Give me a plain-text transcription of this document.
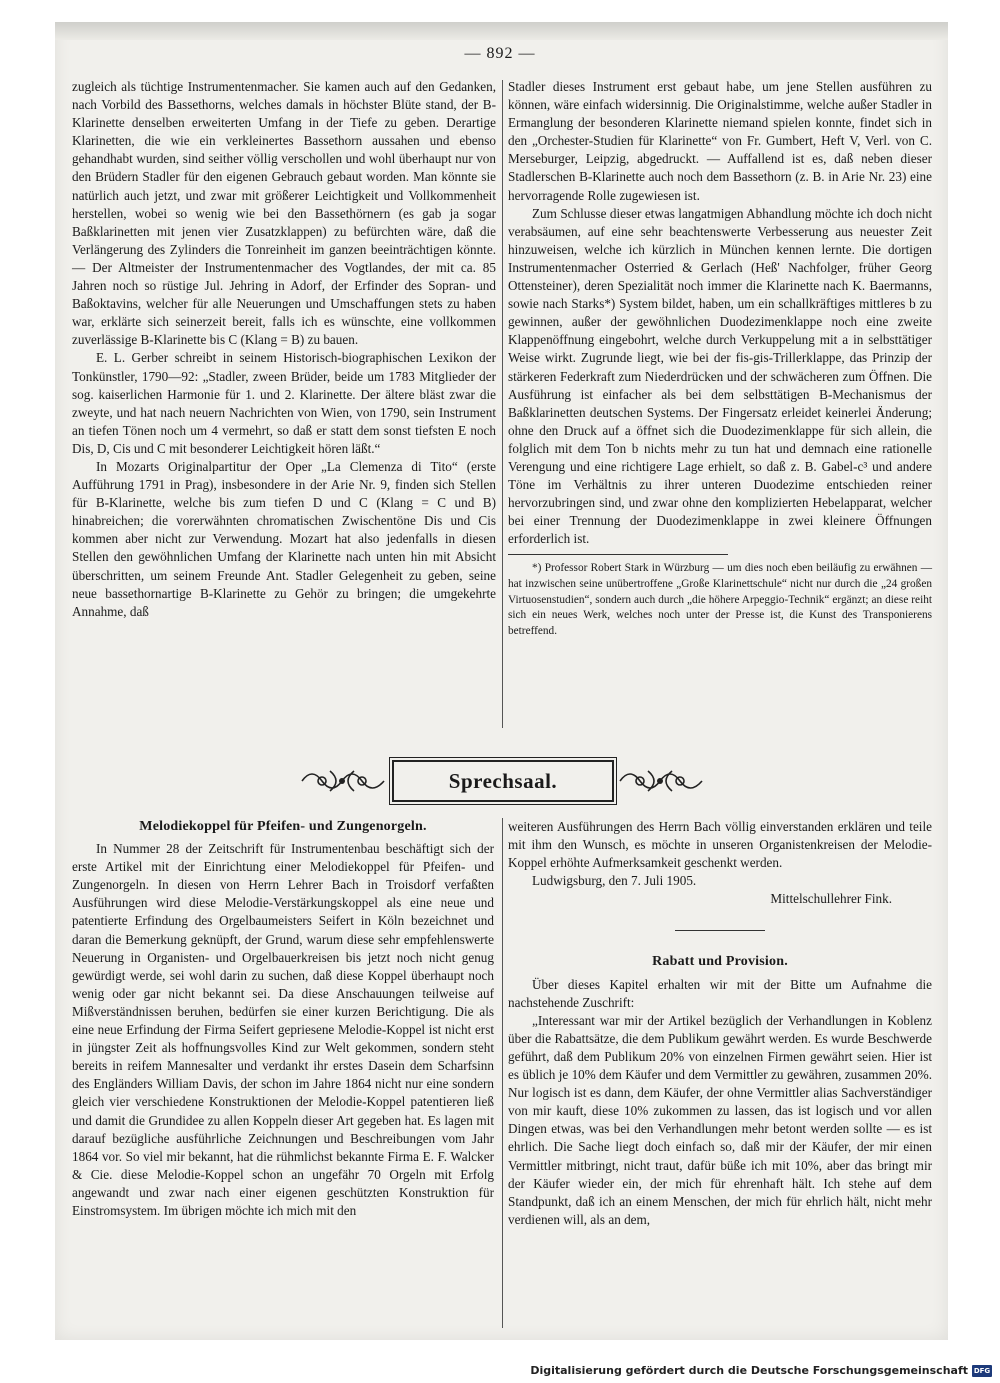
— 892 —

zugleich als tüchtige Instrumentenmacher. Sie kamen auch auf den Gedanken, nach Vorbild des Bassethorns, welches damals in höchster Blüte stand, der B-Klarinette denselben erweiterten Umfang in der Tiefe zu geben. Derartige Klarinetten, die wie ein verkleinertes Bassethorn aussahen und ebenso gehandhabt wurden, sind seither völlig verschollen und wohl überhaupt nur von den Brüdern Stadler für den eigenen Gebrauch gebaut worden. Man könnte sie natürlich auch jetzt, und zwar mit größerer Leichtigkeit und Vollkommenheit herstellen, wobei so wenig wie bei den Bassethörnern (es gab ja sogar Baßklarinetten mit jenen vier Zusatzklappen) zu befürchten wäre, daß die Verlängerung des Zylinders die Tonreinheit im ganzen beeinträchtigen könnte. — Der Altmeister der Instrumentenmacher des Vogtlandes, der mit ca. 85 Jahren noch so rüstige Jul. Jehring in Adorf, der Erfinder des Sopran- und Baßoktavins, welcher für alle Neuerungen und Umschaffungen stets zu haben war, erklärte sich seinerzeit bereit, falls ich es wünschte, eine vollkommen zuverlässige B-Klarinette bis C (Klang = B) zu bauen.

E. L. Gerber schreibt in seinem Historisch-biographischen Lexikon der Tonkünstler, 1790—92: „Stadler, zween Brüder, beide um 1783 Mitglieder der sog. kaiserlichen Harmonie für 1. und 2. Klarinette. Der ältere bläst zwar die zweyte, und hat nach neuern Nachrichten von Wien, von 1790, sein Instrument an tiefen Tönen noch um 4 vermehrt, so daß er statt dem sonst tiefsten E noch Dis, D, Cis und C mit besonderer Leichtigkeit hören läßt.“

In Mozarts Originalpartitur der Oper „La Clemenza di Tito“ (erste Aufführung 1791 in Prag), insbesondere in der Arie Nr. 9, finden sich Stellen für B-Klarinette, welche bis zum tiefen D und C (Klang = C und B) hinabreichen; die vorerwähnten chromatischen Zwischentöne Dis und Cis kommen aber nicht zur Verwendung. Mozart hat also jedenfalls in diesen Stellen den gewöhnlichen Umfang der Klarinette nach unten hin mit Absicht überschritten, um seinem Freunde Ant. Stadler Gelegenheit zu geben, seine neue bassethornartige B-Klarinette zu Gehör zu bringen; die umgekehrte Annahme, daß

Stadler dieses Instrument erst gebaut habe, um jene Stellen ausführen zu können, wäre einfach widersinnig. Die Originalstimme, welche außer Stadler in Ermanglung der besonderen Klarinette niemand spielen konnte, findet sich in den „Orchester-Studien für Klarinette“ von Fr. Gumbert, Heft V, Verl. von C. Merseburger, Leipzig, abgedruckt. — Auffallend ist es, daß neben dieser Stadlerschen B-Klarinette auch noch dem Bassethorn (z. B. in Arie Nr. 23) eine hervorragende Rolle zugewiesen ist.

Zum Schlusse dieser etwas langatmigen Abhandlung möchte ich doch nicht verabsäumen, auf eine sehr beachtenswerte Verbesserung aus neuester Zeit hinzuweisen, welche ich kürzlich in München kennen lernte. Die dortigen Instrumentenmacher Osterried & Gerlach (Heß' Nachfolger, früher Georg Ottensteiner), deren Spezialität noch immer die Klarinette nach K. Baermanns, sowie nach Starks*) System bildet, haben, um ein schallkräftiges mittleres b zu gewinnen, außer der gewöhnlichen Duodezimenklappe noch eine zweite Klappenöffnung eingebohrt, welche durch Verkuppelung mit a in selbsttätiger Weise wirkt. Zugrunde liegt, wie bei der fis-gis-Trillerklappe, das Prinzip der stärkeren Federkraft zum Niederdrücken und der schwächeren zum Öffnen. Die Ausführung ist einfacher als bei dem selbsttätigen B-Mechanismus der Baßklarinetten deutschen Systems. Der Fingersatz erleidet keinerlei Änderung; ohne den Druck auf a öffnet sich die Duodezimenklappe für sich allein, die folglich mit dem Ton b nichts mehr zu tun hat und demnach eine rationelle Verengung und eine richtigere Lage erhielt, so daß z. B. Gabel-c³ und andere Töne im Verhältnis zu ihrer unteren Duodezime entschieden reiner hervorzubringen sind, und zwar ohne den komplizierten Hebelapparat, welcher bei einer Trennung der Duodezimenklappe in zwei kleinere Öffnungen erforderlich ist.

*) Professor Robert Stark in Würzburg — um dies noch eben beiläufig zu erwähnen — hat inzwischen seine unübertroffene „Große Klarinettschule“ nicht nur durch die „24 großen Virtuosenstudien“, sondern auch durch „die höhere Arpeggio-Technik“ ergänzt; an diese reiht sich ein neues Werk, welches noch unter der Presse ist, die Kunst des Transponierens betreffend.

Sprechsaal.
Melodiekoppel für Pfeifen- und Zungenorgeln.

In Nummer 28 der Zeitschrift für Instrumentenbau beschäftigt sich der erste Artikel mit der Einrichtung einer Melodiekoppel für Pfeifen- und Zungenorgeln. In diesen von Herrn Lehrer Bach in Troisdorf verfaßten Ausführungen wird diese Melodie-Verstärkungskoppel als eine neue und patentierte Erfindung des Orgelbaumeisters Seifert in Köln bezeichnet und daran die Bemerkung geknüpft, der Grund, warum diese sehr empfehlenswerte Neuerung in Organisten- und Orgelbauerkreisen bis jetzt noch nicht genug gewürdigt werde, sei wohl darin zu suchen, daß diese Koppel überhaupt noch wenig oder gar nicht bekannt sei. Da diese Anschauungen teilweise auf Mißverständnissen beruhen, bedürfen sie einer kurzen Berichtigung. Die als eine neue Erfindung der Firma Seifert gepriesene Melodie-Koppel ist nicht erst in jüngster Zeit als hoffnungsvolles Kind zur Welt gekommen, sondern steht bereits in reifem Mannesalter und verdankt ihr erstes Dasein dem Scharfsinn des Engländers William Davis, der schon im Jahre 1864 nicht nur eine sondern gleich vier verschiedene Konstruktionen der Melodie-Koppel patentieren ließ und damit die Grundidee zu allen Koppeln dieser Art gegeben hat. Es lagen mit darauf bezügliche ausführliche Zeichnungen und Beschreibungen vom Jahr 1864 vor. So viel mir bekannt, hat die rühmlichst bekannte Firma E. F. Walcker & Cie. diese Melodie-Koppel schon an ungefähr 70 Orgeln mit Erfolg angewandt und zwar nach einer eigenen geschützten Konstruktion für Einstromsystem. Im übrigen möchte ich mich mit den

weiteren Ausführungen des Herrn Bach völlig einverstanden erklären und teile mit ihm den Wunsch, es möchte in unseren Organistenkreisen der Melodie-Koppel erhöhte Aufmerksamkeit geschenkt werden.

Ludwigsburg, den 7. Juli 1905.

Mittelschullehrer Fink.

Rabatt und Provision.

Über dieses Kapitel erhalten wir mit der Bitte um Aufnahme die nachstehende Zuschrift:

„Interessant war mir der Artikel bezüglich der Verhandlungen in Koblenz über die Rabattsätze, die dem Publikum gewährt werden. Es wurde Beschwerde geführt, daß dem Publikum 20% von einzelnen Firmen gewährt seien. Hier ist es üblich je 10% dem Käufer und dem Vermittler zu gewähren, zusammen 20%. Nur logisch ist es dann, dem Käufer, der ohne Vermittler alias Sachverständiger von mir kauft, diese 10% zukommen zu lassen, das ist logisch und vor allen Dingen etwas, was bei den Verhandlungen mehr betont werden sollte — es ist ehrlich. Die Sache liegt doch einfach so, daß mir der Käufer, der mir einen Vermittler mitbringt, nicht traut, dafür büße ich mit 10%, aber das bringt mir der Käufer wieder ein, der mich für ehrenhaft hält. Ich stehe auf dem Standpunkt, daß ich an einem Menschen, der mich für ehrlich hält, nicht mehr verdienen will, als an dem,

Digitalisierung gefördert durch die Deutsche Forschungsgemeinschaft DFG
